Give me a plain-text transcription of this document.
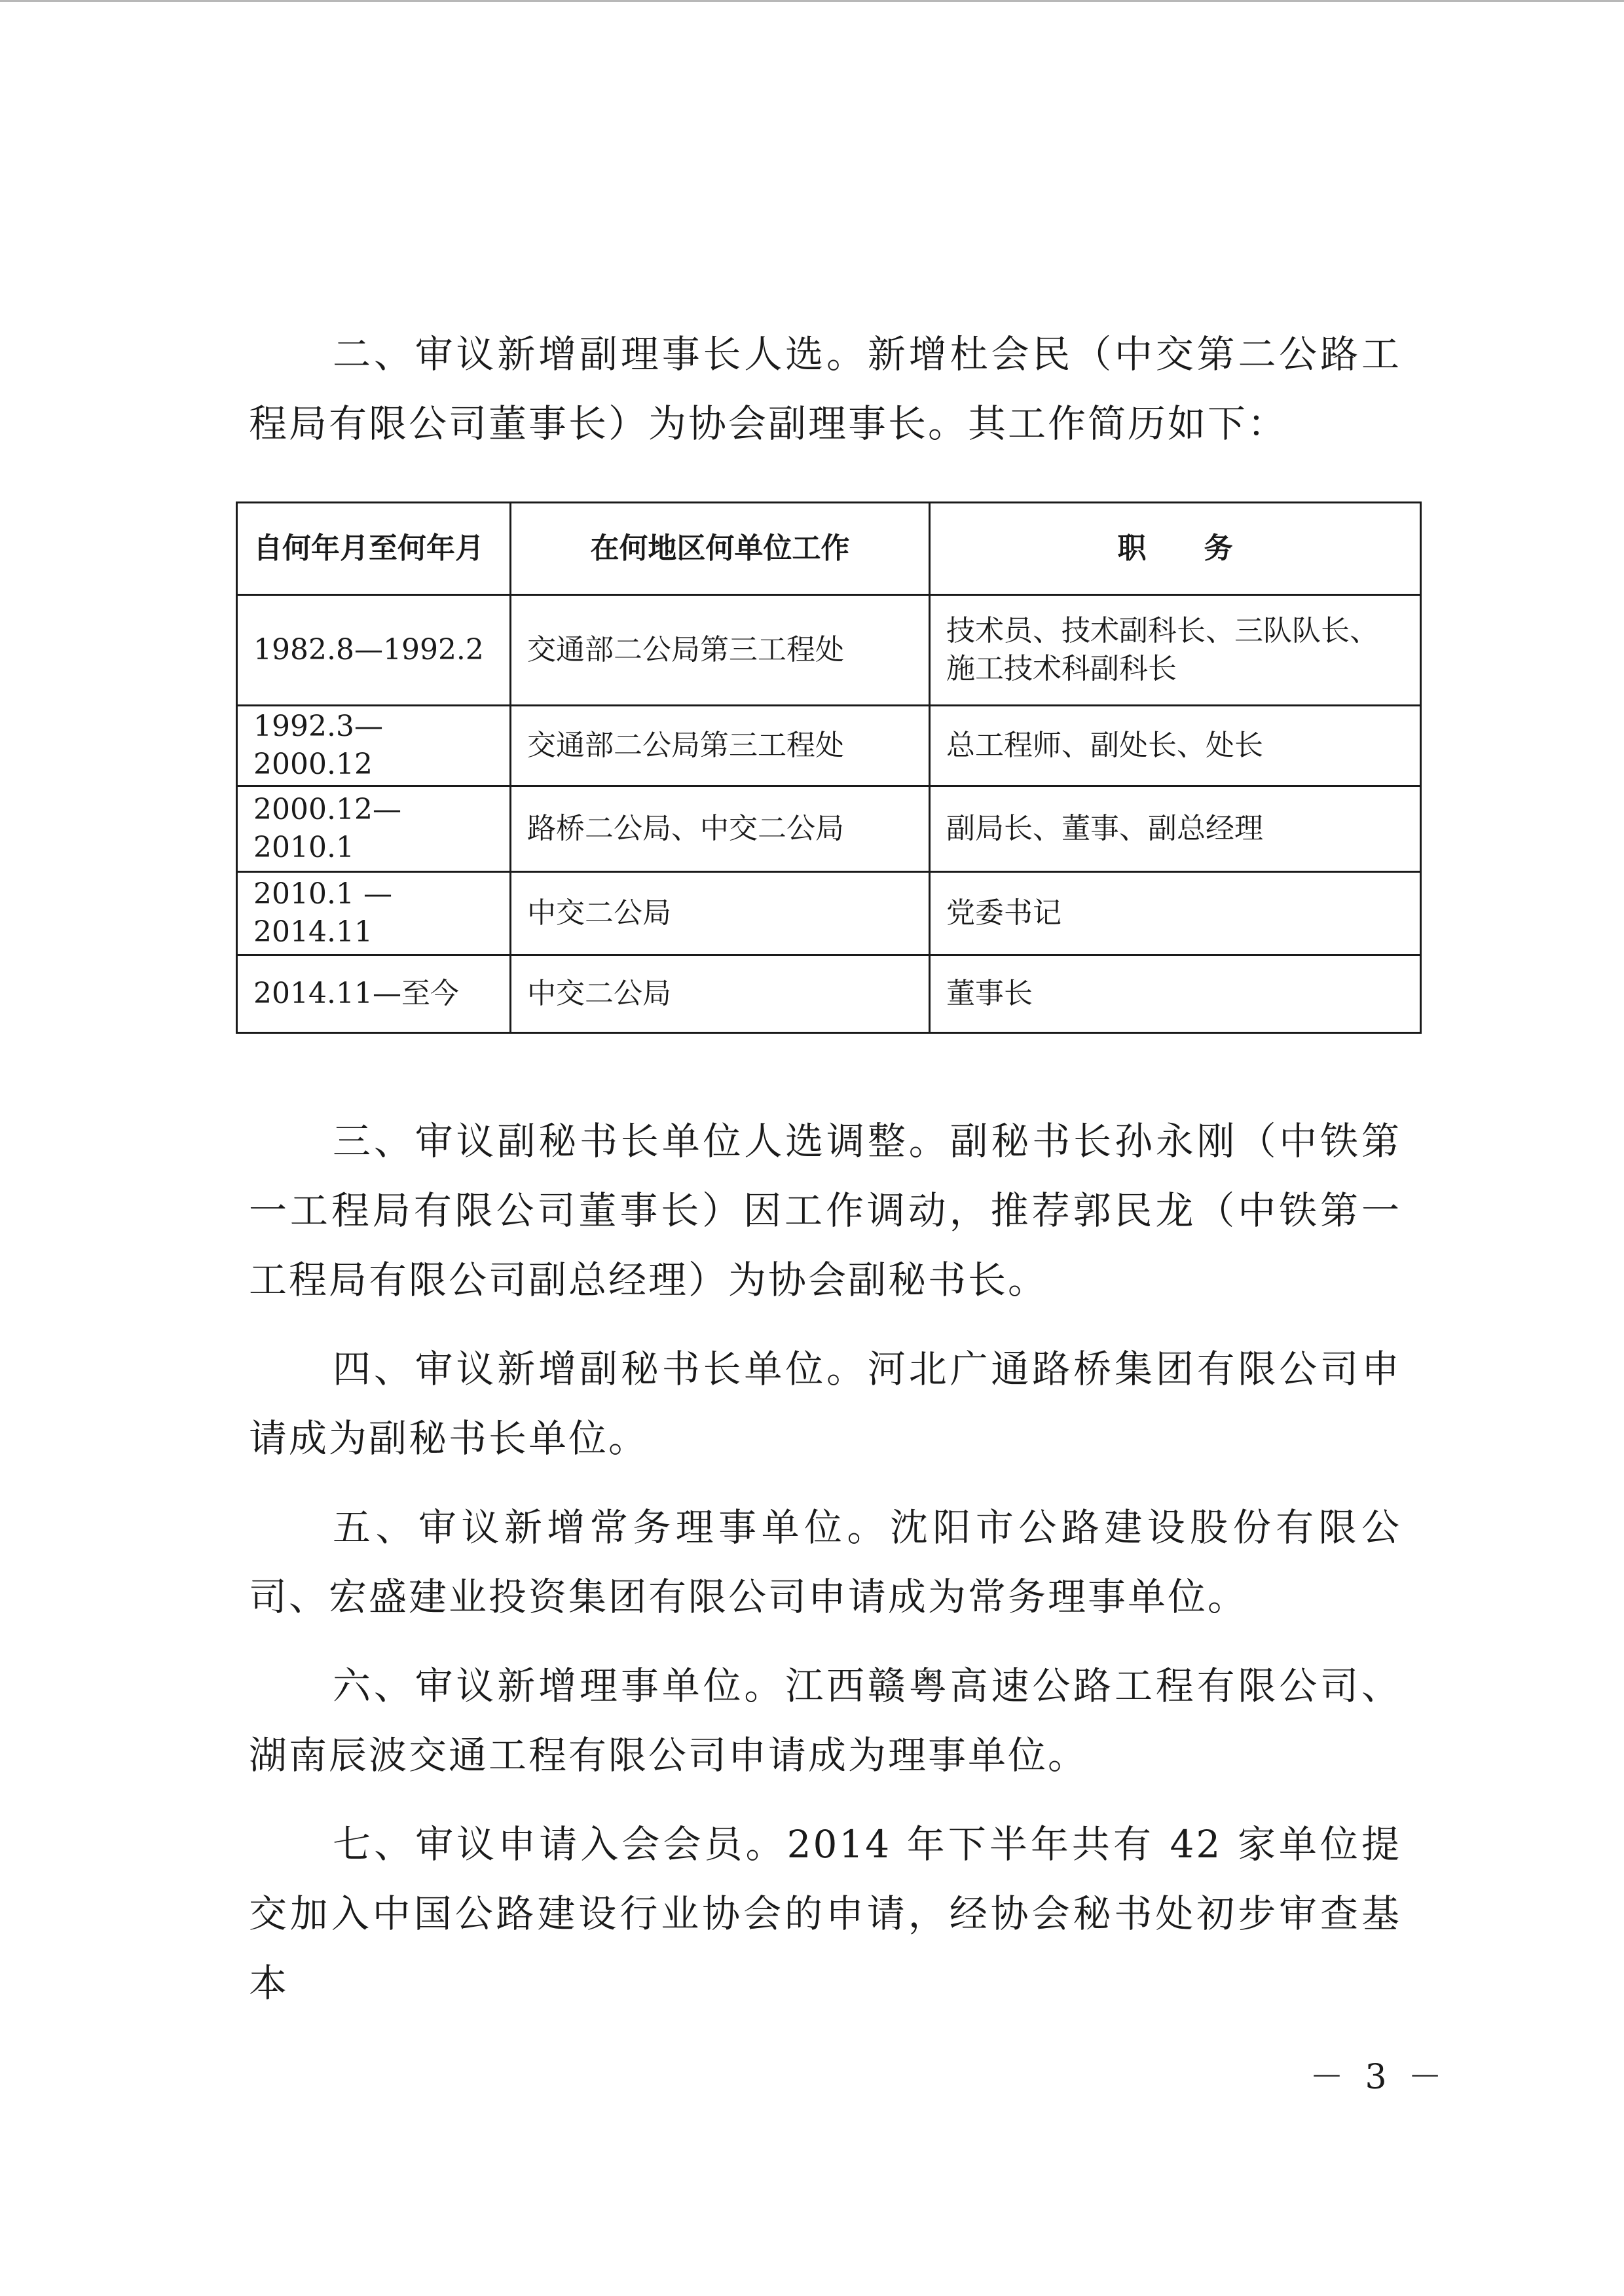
二、审议新增副理事长人选。新增杜会民（中交第二公路工程局有限公司董事长）为协会副理事长。其工作简历如下：

自何年月至何年月	在何地区何单位工作	职　　务
1982.8—1992.2	交通部二公局第三工程处	技术员、技术副科长、三队队长、施工技术科副科长
1992.3—2000.12	交通部二公局第三工程处	总工程师、副处长、处长
2000.12—2010.1	路桥二公局、中交二公局	副局长、董事、副总经理
2010.1 —2014.11	中交二公局	党委书记
2014.11—至今	中交二公局	董事长

三、审议副秘书长单位人选调整。副秘书长孙永刚（中铁第一工程局有限公司董事长）因工作调动，推荐郭民龙（中铁第一工程局有限公司副总经理）为协会副秘书长。

四、审议新增副秘书长单位。河北广通路桥集团有限公司申请成为副秘书长单位。

五、审议新增常务理事单位。沈阳市公路建设股份有限公司、宏盛建业投资集团有限公司申请成为常务理事单位。

六、审议新增理事单位。江西赣粤高速公路工程有限公司、湖南辰波交通工程有限公司申请成为理事单位。

七、审议申请入会会员。2014 年下半年共有 42 家单位提交加入中国公路建设行业协会的申请，经协会秘书处初步审查基本

－ 3 －
